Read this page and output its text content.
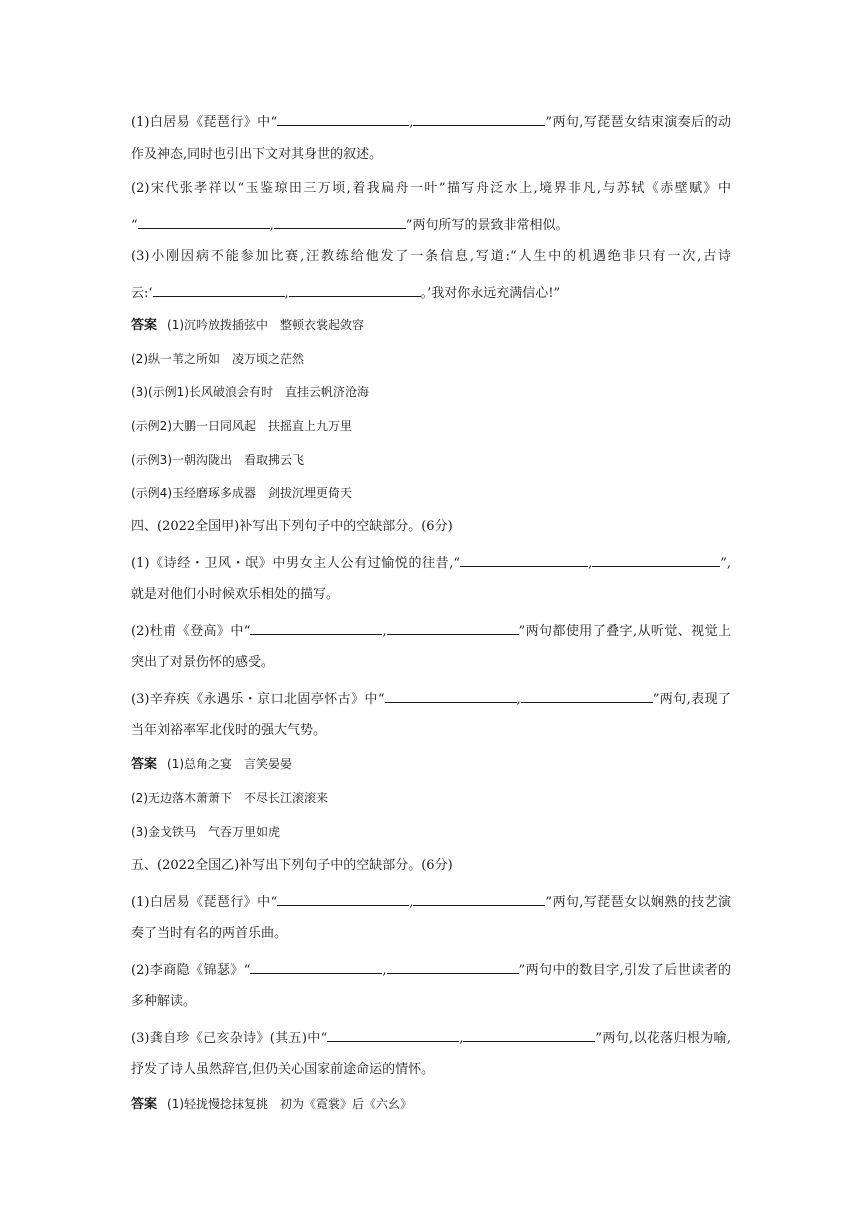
(1)白居易《琵琶行》中“	,	”两句,写琵琶女结束演奏后的动
作及神态,同时也引出下文对其身世的叙述。
(2)宋代张孝祥以“玉鉴琼田三万顷,着我扁舟一叶”描写舟泛水上,境界非凡,与苏轼《赤壁赋》中
“	,	”两句所写的景致非常相似。
(3)小刚因病不能参加比赛,汪教练给他发了一条信息,写道:“人生中的机遇绝非只有一次,古诗
云:‘	,	。’我对你永远充满信心!”
答案 (1)沉吟放拨插弦中　整顿衣裳起敛容
(2)纵一苇之所如　凌万顷之茫然
(3)(示例1)长风破浪会有时　直挂云帆济沧海
(示例2)大鹏一日同风起　扶摇直上九万里
(示例3)一朝沟陇出　看取拂云飞
(示例4)玉经磨琢多成器　剑拔沉埋更倚天
四、(2022全国甲)补写出下列句子中的空缺部分。(6分)
(1)《诗经・卫风・氓》中男女主人公有过愉悦的往昔,“	,	”,
就是对他们小时候欢乐相处的描写。
(2)杜甫《登高》中“	,	”两句都使用了叠字,从听觉、视觉上
突出了对景伤怀的感受。
(3)辛弃疾《永遇乐・京口北固亭怀古》中“	,	”两句,表现了
当年刘裕率军北伐时的强大气势。
答案 (1)总角之宴　言笑晏晏
(2)无边落木萧萧下　不尽长江滚滚来
(3)金戈铁马　气吞万里如虎
五、(2022全国乙)补写出下列句子中的空缺部分。(6分)
(1)白居易《琵琶行》中“	,	”两句,写琵琶女以娴熟的技艺演
奏了当时有名的两首乐曲。
(2)李商隐《锦瑟》“	,	”两句中的数目字,引发了后世读者的
多种解读。
(3)龚自珍《己亥杂诗》(其五)中“	,	”两句,以花落归根为喻,
抒发了诗人虽然辞官,但仍关心国家前途命运的情怀。
答案 (1)轻拢慢捻抹复挑　初为《霓裳》后《六幺》
